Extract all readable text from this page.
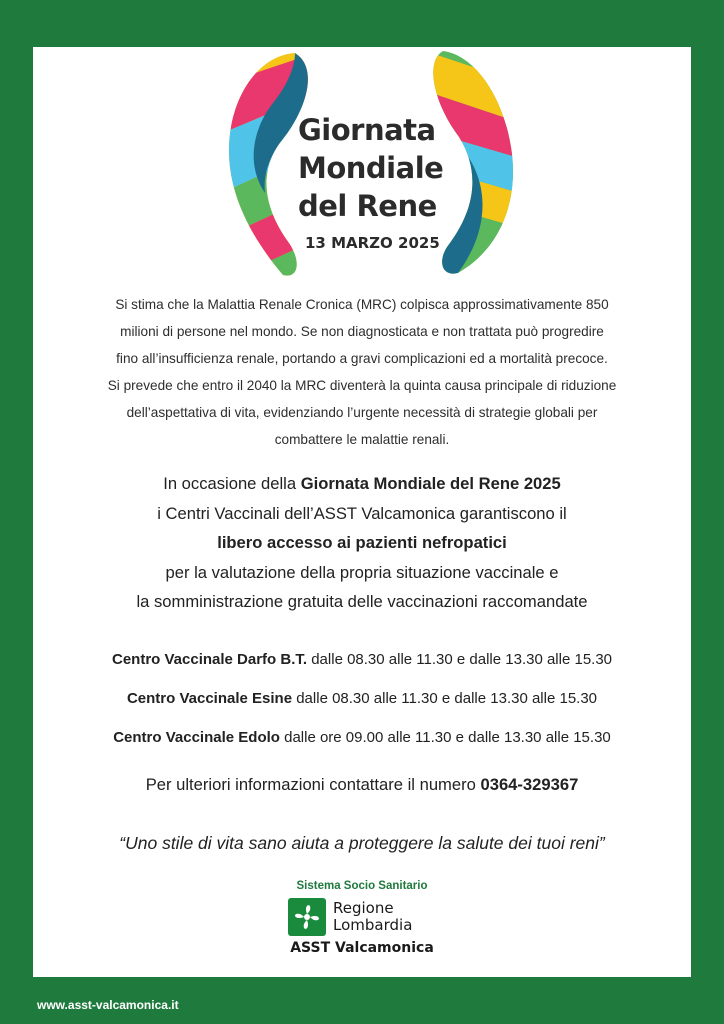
Giornata
Mondiale
del Rene
13 MARZO 2025

Si stima che la Malattia Renale Cronica (MRC) colpisca approssimativamente 850

milioni di persone nel mondo. Se non diagnosticata e non trattata può progredire

fino all’insufficienza renale, portando a gravi complicazioni ed a mortalità precoce.

Si prevede che entro il 2040 la MRC diventerà la quinta causa principale di riduzione

dell’aspettativa di vita, evidenziando l’urgente necessità di strategie globali per

combattere le malattie renali.

In occasione della Giornata Mondiale del Rene 2025

i Centri Vaccinali dell’ASST Valcamonica garantiscono il

libero accesso ai pazienti nefropatici

per la valutazione della propria situazione vaccinale e

la somministrazione gratuita delle vaccinazioni raccomandate

Centro Vaccinale Darfo B.T. dalle 08.30 alle 11.30 e dalle 13.30 alle 15.30
Centro Vaccinale Esine dalle 08.30 alle 11.30 e dalle 13.30 alle 15.30
Centro Vaccinale Edolo dalle ore 09.00 alle 11.30 e dalle 13.30 alle 15.30
Per ulteriori informazioni contattare il numero 0364-329367
“Uno stile di vita sano aiuta a proteggere la salute dei tuoi reni”
Sistema Socio Sanitario
Regione
Lombardia
ASST Valcamonica
www.asst-valcamonica.it
